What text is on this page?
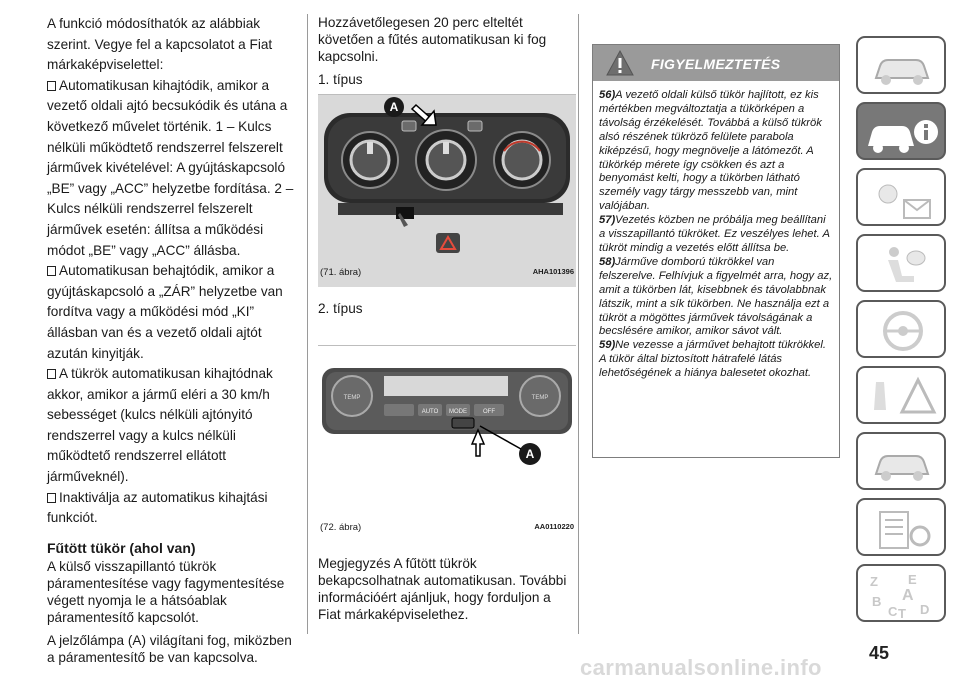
A funkció módosíthatók az alábbiak szerint. Vegye fel a kapcsolatot a Fiat márkaképviselettel:

Automatikusan kihajtódik, amikor a vezető oldali ajtó becsukódik és utána a következő művelet történik. 1 – Kulcs nélküli működtető rendszerrel felszerelt járművek kivételével: A gyújtáskapcsoló „BE” vagy „ACC” helyzetbe fordítása. 2 – Kulcs nélküli rendszerrel felszerelt járművek esetén: állítsa a működési módot „BE” vagy „ACC” állásba.

Automatikusan behajtódik, amikor a gyújtáskapcsoló a „ZÁR” helyzetbe van fordítva vagy a működési mód „KI” állásban van és a vezető oldali ajtót azután kinyitják.

A tükrök automatikusan kihajtódnak akkor, amikor a jármű eléri a 30 km/h sebességet (kulcs nélküli ajtónyitó rendszerrel vagy a kulcs nélküli működtető rendszerrel ellátott járműveknél).

Inaktiválja az automatikus kihajtási funkciót.

Fűtött tükör (ahol van)

A külső visszapillantó tükrök páramentesítése vagy fagymentesítése végett nyomja le a hátsóablak páramentesítő kapcsolót.

A jelzőlámpa (A) világítani fog, miközben a páramentesítő be van kapcsolva.

Hozzávetőlegesen 20 perc elteltét követően a fűtés automatikusan ki fog kapcsolni.

1. típus

A
(71. ábra)	AHA101396

2. típus

TEMP	TEMP
AUTO MODE	OFF
A
(72. ábra)	AA0110220

Megjegyzés A fűtött tükrök bekapcsolhatnak automatikusan. További információért ajánljuk, hogy forduljon a Fiat márkaképviselethez.

FIGYELMEZTETÉS

56)A vezető oldali külső tükör hajlított, ez kis mértékben megváltoztatja a tükörképen a távolság érzékelését. Továbbá a külső tükrök alsó részének tükröző felülete parabola kiképzésű, hogy megnövelje a látómezőt. A tükörkép mérete így csökken és azt a benyomást kelti, hogy a tükörben látható személy vagy tárgy messzebb van, mint valójában.

57)Vezetés közben ne próbálja meg beállítani a visszapillantó tükröket. Ez veszélyes lehet. A tükröt mindig a vezetés előtt állítsa be.

58)Járműve domború tükrökkel van felszerelve. Felhívjuk a figyelmét arra, hogy az, amit a tükörben lát, kisebbnek és távolabbnak látszik, mint a sík tükörben. Ne használja ezt a tükröt a mögöttes járművek távolságának a becslésére amikor, amikor sávot vált.

59)Ne vezesse a járművet behajtott tükrökkel. A tükör által biztosított hátrafelé látás lehetőségének a hiánya balesetet okozhat.

Z E
B
C T D
A
45
carmanualsonline.info
